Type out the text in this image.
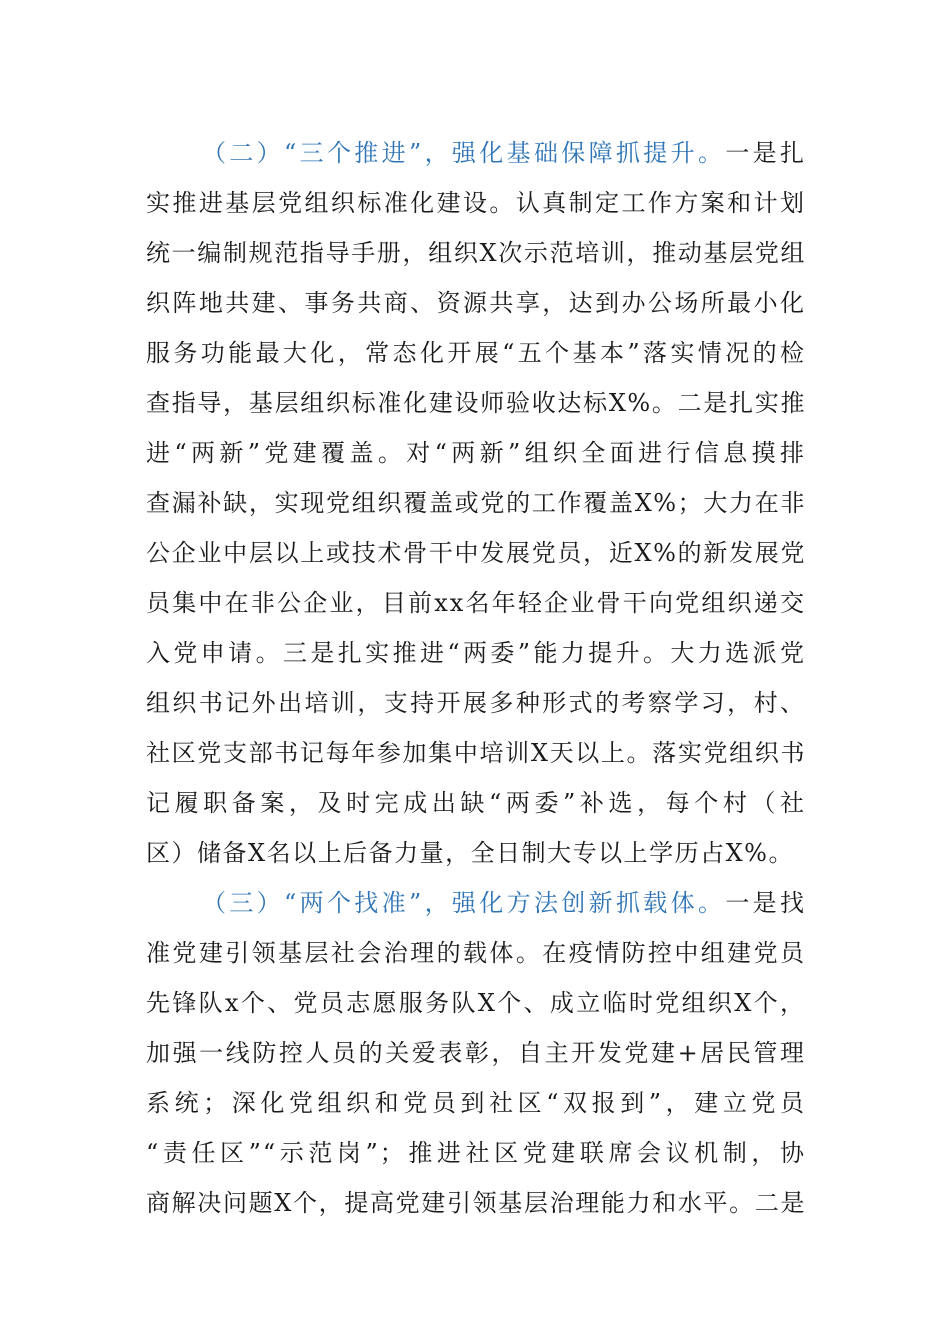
（二）“三个推进”，强化基础保障抓提升。一是扎
实推进基层党组织标准化建设。认真制定工作方案和计划
统一编制规范指导手册，组织X次示范培训，推动基层党组
织阵地共建、事务共商、资源共享，达到办公场所最小化
服务功能最大化，常态化开展“五个基本”落实情况的检
查指导，基层组织标准化建设师验收达标X%。二是扎实推
进“两新”党建覆盖。对“两新”组织全面进行信息摸排
查漏补缺，实现党组织覆盖或党的工作覆盖X%；大力在非
公企业中层以上或技术骨干中发展党员，近X%的新发展党
员集中在非公企业，目前xx名年轻企业骨干向党组织递交
入党申请。三是扎实推进“两委”能力提升。大力选派党
组织书记外出培训，支持开展多种形式的考察学习，村、
社区党支部书记每年参加集中培训X天以上。落实党组织书
记履职备案，及时完成出缺“两委”补选，每个村（社
区）储备X名以上后备力量，全日制大专以上学历占X%。
（三）“两个找准”，强化方法创新抓载体。一是找
准党建引领基层社会治理的载体。在疫情防控中组建党员
先锋队x个、党员志愿服务队X个、成立临时党组织X个，
加强一线防控人员的关爱表彰，自主开发党建+居民管理
系统；深化党组织和党员到社区“双报到”，建立党员
“责任区”“示范岗”；推进社区党建联席会议机制，协
商解决问题X个，提高党建引领基层治理能力和水平。二是
